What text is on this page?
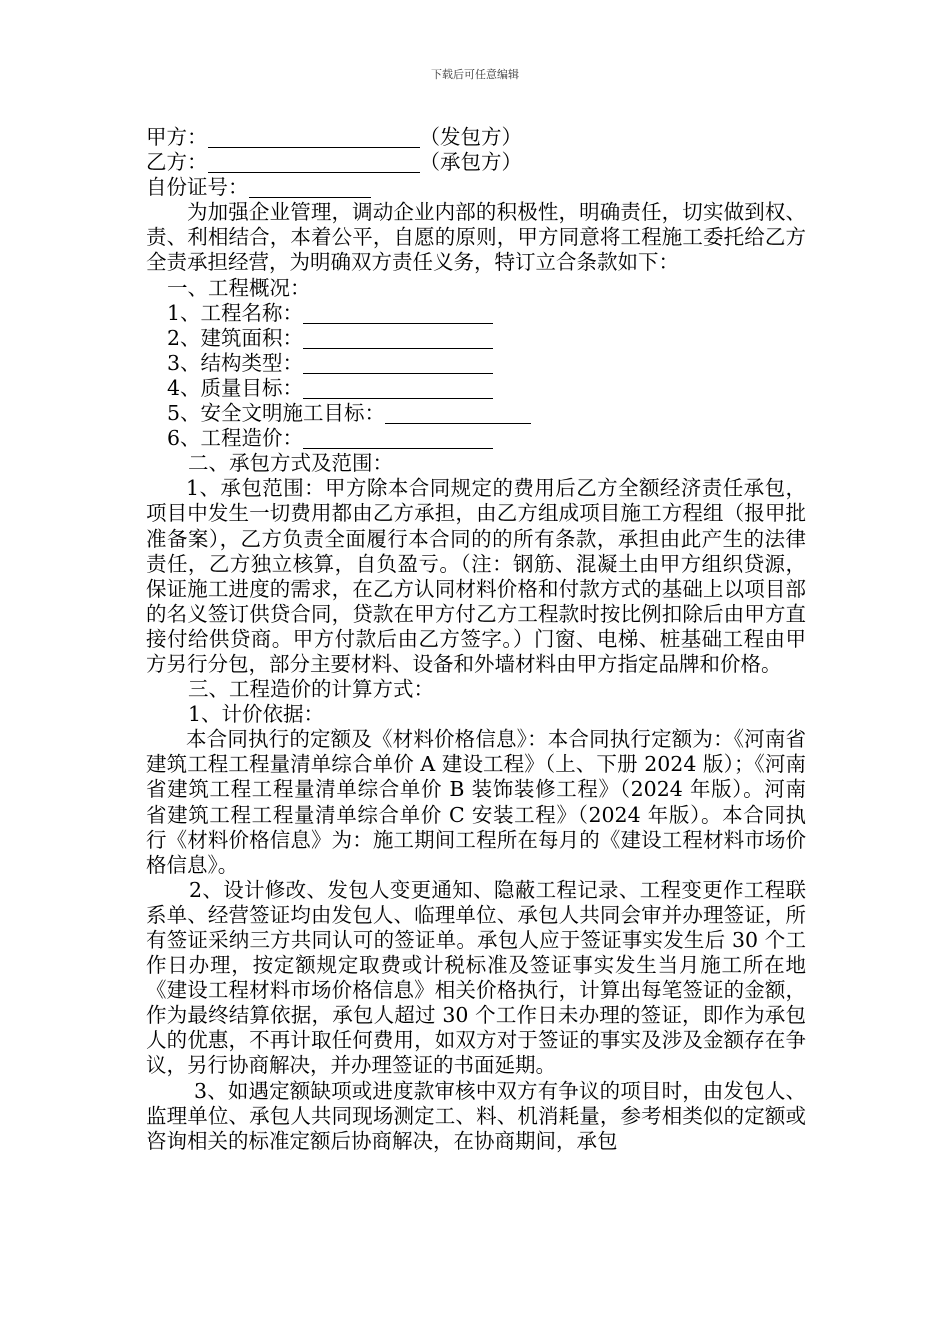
下载后可任意编辑
甲方：	（发包方）
乙方：	（承包方）
自份证号：

为加强企业管理，调动企业内部的积极性，明确责任，切实做到权、责、利相结合，本着公平，自愿的原则，甲方同意将工程施工委托给乙方全责承担经营，为明确双方责任义务，特订立合条款如下：

一、工程概况：
1、工程名称：
2、建筑面积：
3、结构类型：
4、质量目标：
5、安全文明施工目标：
6、工程造价：
二、承包方式及范围：

1、承包范围：甲方除本合同规定的费用后乙方全额经济责任承包，项目中发生一切费用都由乙方承担，由乙方组成项目施工方程组（报甲批准备案），乙方负责全面履行本合同的的所有条款，承担由此产生的法律责任，乙方独立核算，自负盈亏。（注：钢筋、混凝土由甲方组织贷源，保证施工进度的需求，在乙方认同材料价格和付款方式的基础上以项目部的名义签订供贷合同，贷款在甲方付乙方工程款时按比例扣除后由甲方直接付给供贷商。甲方付款后由乙方签字。）门窗、电梯、桩基础工程由甲方另行分包，部分主要材料、设备和外墙材料由甲方指定品牌和价格。

三、工程造价的计算方式：
1、计价依据：

本合同执行的定额及《材料价格信息》：本合同执行定额为：《河南省建筑工程工程量清单综合单价 A 建设工程》（上、下册 2024 版）；《河南省建筑工程工程量清单综合单价 B 装饰装修工程》（2024 年版）。河南省建筑工程工程量清单综合单价 C 安装工程》（2024 年版）。本合同执行《材料价格信息》为：施工期间工程所在每月的《建设工程材料市场价格信息》。

2、设计修改、发包人变更通知、隐蔽工程记录、工程变更作工程联系单、经营签证均由发包人、临理单位、承包人共同会审并办理签证，所有签证采纳三方共同认可的签证单。承包人应于签证事实发生后 30 个工作日办理，按定额规定取费或计税标准及签证事实发生当月施工所在地《建设工程材料市场价格信息》相关价格执行，计算出每笔签证的金额，作为最终结算依据，承包人超过 30 个工作日未办理的签证，即作为承包人的优惠，不再计取任何费用，如双方对于签证的事实及涉及金额存在争议，另行协商解决，并办理签证的书面延期。

3、如遇定额缺项或进度款审核中双方有争议的项目时，由发包人、监理单位、承包人共同现场测定工、料、机消耗量，参考相类似的定额或咨询相关的标准定额后协商解决，在协商期间，承包
